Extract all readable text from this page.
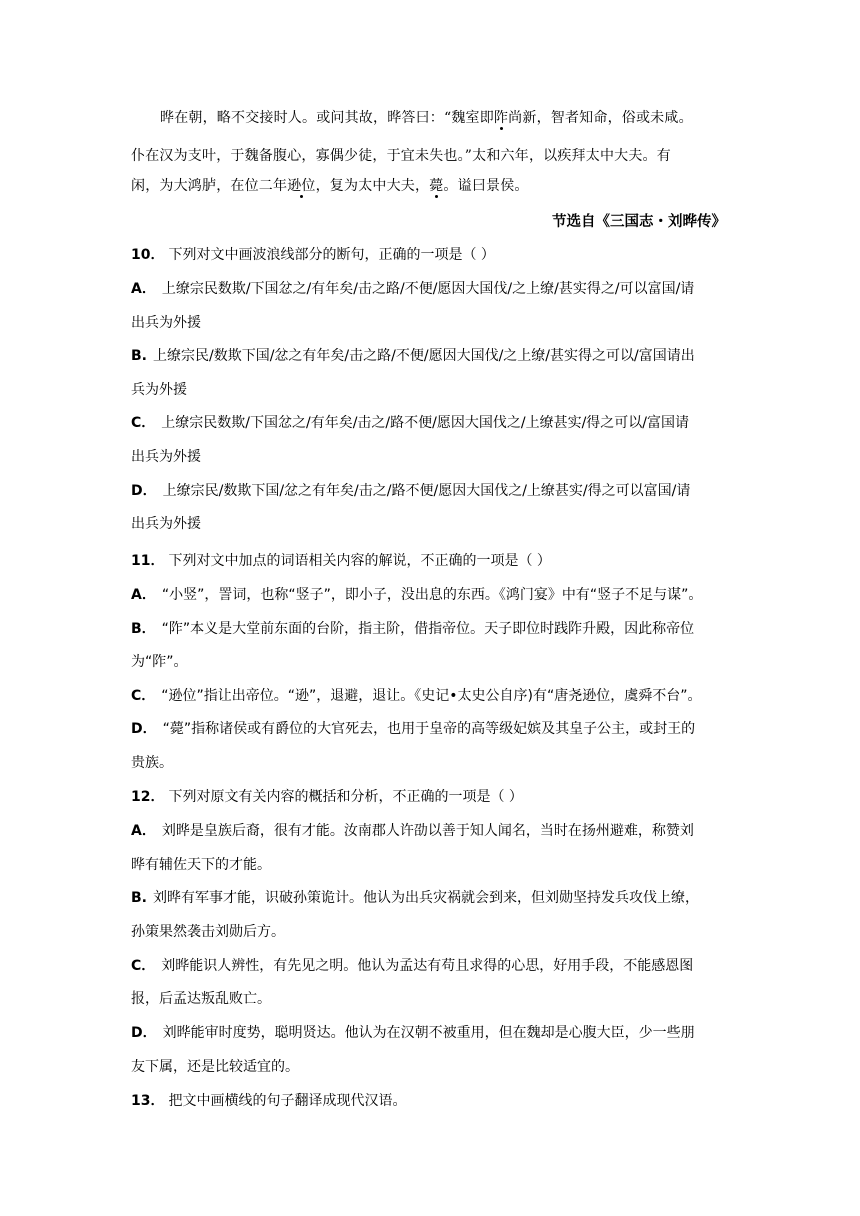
晔在朝，略不交接时人。或问其故，晔答曰：“魏室即阼尚新，智者知命，俗或未咸。
仆在汉为支叶，于魏备腹心，寡偶少徒，于宜未失也。”太和六年，以疾拜太中大夫。有
闲，为大鸿胪，在位二年逊位，复为太中大夫，薨。谥曰景侯。
节选自《三国志・刘晔传》
10． 下列对文中画波浪线部分的断句，正确的一项是（ ）
A． 上缭宗民数欺/下国忿之/有年矣/击之路/不便/愿因大国伐/之上缭/甚实得之/可以富国/请
出兵为外援
B. 上缭宗民/数欺下国/忿之有年矣/击之路/不便/愿因大国伐/之上缭/甚实得之可以/富国请出
兵为外援
C． 上缭宗民数欺/下国忿之/有年矣/击之/路不便/愿因大国伐之/上缭甚实/得之可以/富国请
出兵为外援
D． 上缭宗民/数欺下国/忿之有年矣/击之/路不便/愿因大国伐之/上缭甚实/得之可以富国/请
出兵为外援
11． 下列对文中加点的词语相关内容的解说，不正确的一项是（ ）
A． “小竖”，詈词，也称“竖子”，即小子，没出息的东西。《鸿门宴》中有“竖子不足与谋”。
B． “阼”本义是大堂前东面的台阶，指主阶，借指帝位。天子即位时践阼升殿，因此称帝位
为“阼”。
C． “逊位”指让出帝位。“逊”，退避，退让。《史记•太史公自序)有“唐尧逊位，虞舜不台”。
D． “薨”指称诸侯或有爵位的大官死去，也用于皇帝的高等级妃嫔及其皇子公主，或封王的
贵族。
12． 下列对原文有关内容的概括和分析，不正确的一项是（ ）
A． 刘晔是皇族后裔，很有才能。汝南郡人许劭以善于知人闻名，当时在扬州避难，称赞刘
晔有辅佐天下的才能。
B. 刘晔有军事才能，识破孙策诡计。他认为出兵灾祸就会到来，但刘勋坚持发兵攻伐上缭，
孙策果然袭击刘勋后方。
C． 刘晔能识人辨性，有先见之明。他认为孟达有苟且求得的心思，好用手段，不能感恩图
报，后孟达叛乱败亡。
D． 刘晔能审时度势，聪明贤达。他认为在汉朝不被重用，但在魏却是心腹大臣，少一些朋
友下属，还是比较适宜的。
13． 把文中画横线的句子翻译成现代汉语。
